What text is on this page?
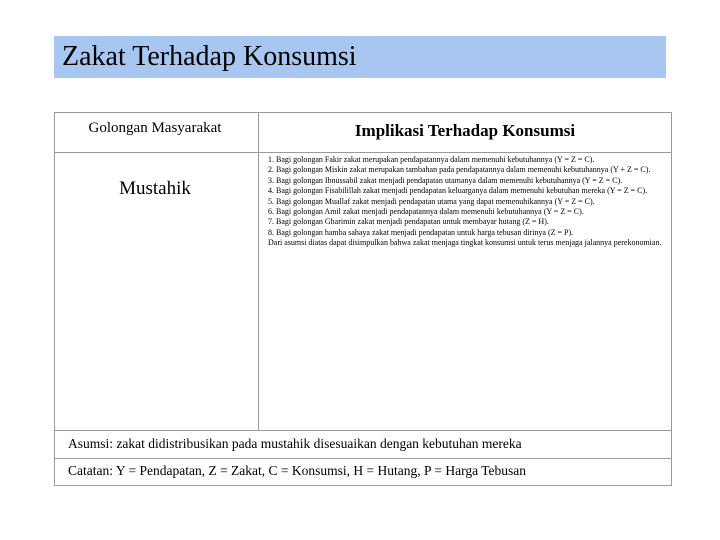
Zakat Terhadap Konsumsi
Golongan Masyarakat	Implikasi Terhadap Konsumsi
Mustahik
1. Bagi golongan Fakir zakat merupakan pendapatannya dalam memenuhi kebutuhannya (Y = Z = C).
2. Bagi golongan Miskin zakat merupakan tambahan pada pendapatannya dalam memenuhi kebutuhannya (Y + Z = C).
3. Bagi golongan Ibnussabil zakat menjadi pendapatan utamanya dalam memenuhi kebutuhannya (Y = Z = C).
4. Bagi golongan Fisabilillah zakat menjadi pendapatan keluarganya dalam memenuhi kebutuhan mereka (Y = Z = C).
5. Bagi golongan Muallaf zakat menjadi pendapatan utama yang dapat memenuhikannya (Y = Z = C).
6. Bagi golongan Amil zakat menjadi pendapatannya dalam memenuhi kebutuhannya (Y = Z = C).
7. Bagi golongan Gharimin zakat menjadi pendapatan untuk membayar hutang (Z = H).
8. Bagi golongan hamba sahaya zakat menjadi pendapatan untuk harga tebusan dirinya (Z = P).
Dari asumsi diatas dapat disimpulkan bahwa zakat menjaga tingkat konsumsi untuk terus menjaga jalannya perekonomian.
Asumsi: zakat didistribusikan pada mustahik disesuaikan dengan kebutuhan mereka
Catatan: Y = Pendapatan, Z = Zakat, C = Konsumsi, H = Hutang, P = Harga Tebusan
